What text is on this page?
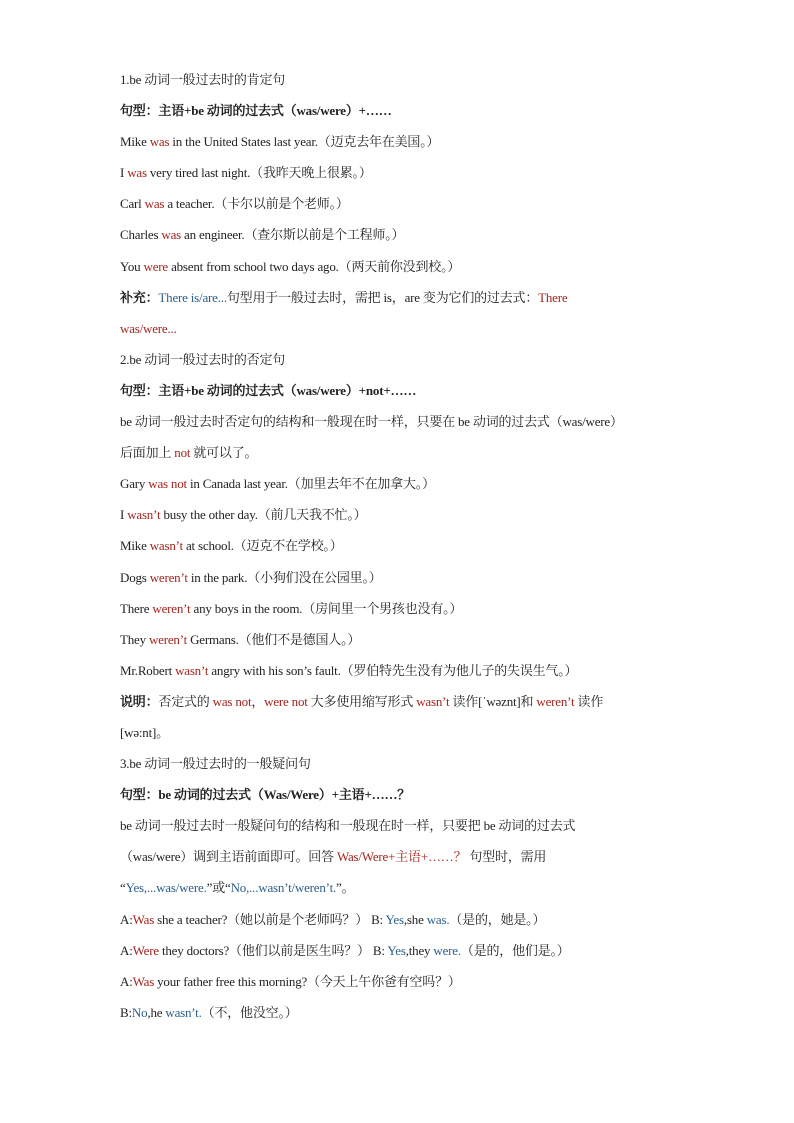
1.be 动词一般过去时的肯定句
句型：主语+be 动词的过去式（was/were）+……
Mike was in the United States last year.（迈克去年在美国。）
I was very tired last night.（我昨天晚上很累。）
Carl was a teacher.（卡尔以前是个老师。）
Charles was an engineer.（查尔斯以前是个工程师。）
You were absent from school two days ago.（两天前你没到校。）
补充：There is/are...句型用于一般过去时，需把 is，are 变为它们的过去式：There
was/were...
2.be 动词一般过去时的否定句
句型：主语+be 动词的过去式（was/were）+not+……
be 动词一般过去时否定句的结构和一般现在时一样，只要在 be 动词的过去式（was/were）
后面加上 not 就可以了。
Gary was not in Canada last year.（加里去年不在加拿大。）
I wasn’t busy the other day.（前几天我不忙。）
Mike wasn’t at school.（迈克不在学校。）
Dogs weren’t in the park.（小狗们没在公园里。）
There weren’t any boys in the room.（房间里一个男孩也没有。）
They weren’t Germans.（他们不是德国人。）
Mr.Robert wasn’t angry with his son’s fault.（罗伯特先生没有为他儿子的失误生气。）
说明：否定式的 was not，were not 大多使用缩写形式 wasn’t 读作[ˈwəznt]和 weren’t 读作
[wə:nt]。
3.be 动词一般过去时的一般疑问句
句型：be 动词的过去式（Was/Were）+主语+……？
be 动词一般过去时一般疑问句的结构和一般现在时一样，只要把 be 动词的过去式
（was/were）调到主语前面即可。回答 Was/Were+主语+……？ 句型时，需用
“Yes,...was/were.”或“No,...wasn’t/weren’t.”。
A:Was she a teacher?（她以前是个老师吗？） B: Yes,she was.（是的，她是。）
A:Were they doctors?（他们以前是医生吗？） B: Yes,they were.（是的，他们是。）
A:Was your father free this morning?（今天上午你爸有空吗？）
B:No,he wasn’t.（不，他没空。）
